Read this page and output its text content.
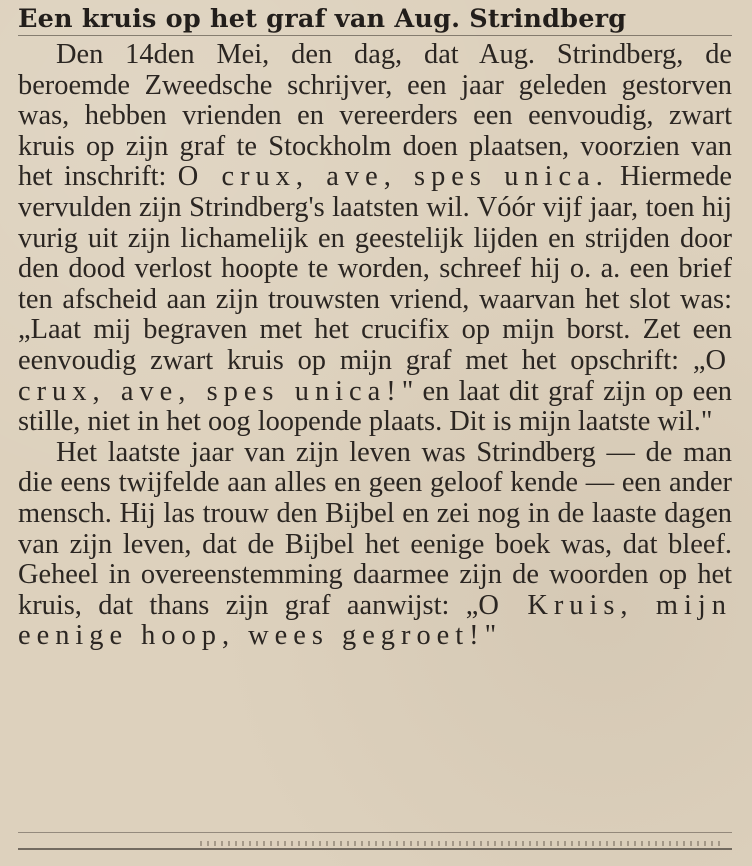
Een kruis op het graf van Aug. Strindberg

Den 14den Mei, den dag, dat Aug. Strindberg, de beroemde Zweedsche schrijver, een jaar geleden gestorven was, hebben vrienden en vereerders een eenvoudig, zwart kruis op zijn graf te Stockholm doen plaatsen, voorzien van het inschrift: O crux, ave, spes unica. Hiermede vervulden zijn Strindberg's laatsten wil. Vóór vijf jaar, toen hij vurig uit zijn lichamelijk en geestelijk lijden en strijden door den dood verlost hoopte te worden, schreef hij o. a. een brief ten afscheid aan zijn trouwsten vriend, waarvan het slot was: „Laat mij begraven met het crucifix op mijn borst. Zet een eenvoudig zwart kruis op mijn graf met het opschrift: „O crux, ave, spes unica!" en laat dit graf zijn op een stille, niet in het oog loopende plaats. Dit is mijn laatste wil."

Het laatste jaar van zijn leven was Strindberg — de man die eens twijfelde aan alles en geen geloof kende — een ander mensch. Hij las trouw den Bijbel en zei nog in de laaste dagen van zijn leven, dat de Bijbel het eenige boek was, dat bleef. Geheel in overeenstemming daarmee zijn de woorden op het kruis, dat thans zijn graf aanwijst: „O Kruis, mijn eenige hoop, wees gegroet!"
